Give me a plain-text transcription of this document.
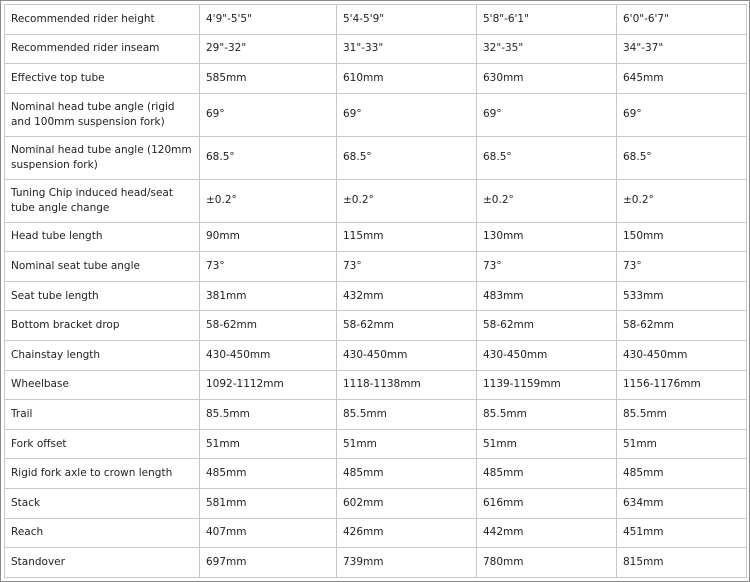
Recommended rider height	4'9"-5'5"	5'4-5'9"	5'8"-6'1"	6'0"-6'7"
Recommended rider inseam	29"-32"	31"-33"	32"-35"	34"-37"
Effective top tube	585mm	610mm	630mm	645mm
Nominal head tube angle (rigid and 100mm suspension fork)	69°	69°	69°	69°
Nominal head tube angle (120mm suspension fork)	68.5°	68.5°	68.5°	68.5°
Tuning Chip induced head/seat tube angle change	±0.2°	±0.2°	±0.2°	±0.2°
Head tube length	90mm	115mm	130mm	150mm
Nominal seat tube angle	73°	73°	73°	73°
Seat tube length	381mm	432mm	483mm	533mm
Bottom bracket drop	58-62mm	58-62mm	58-62mm	58-62mm
Chainstay length	430-450mm	430-450mm	430-450mm	430-450mm
Wheelbase	1092-1112mm	1118-1138mm	1139-1159mm	1156-1176mm
Trail	85.5mm	85.5mm	85.5mm	85.5mm
Fork offset	51mm	51mm	51mm	51mm
Rigid fork axle to crown length	485mm	485mm	485mm	485mm
Stack	581mm	602mm	616mm	634mm
Reach	407mm	426mm	442mm	451mm
Standover	697mm	739mm	780mm	815mm
